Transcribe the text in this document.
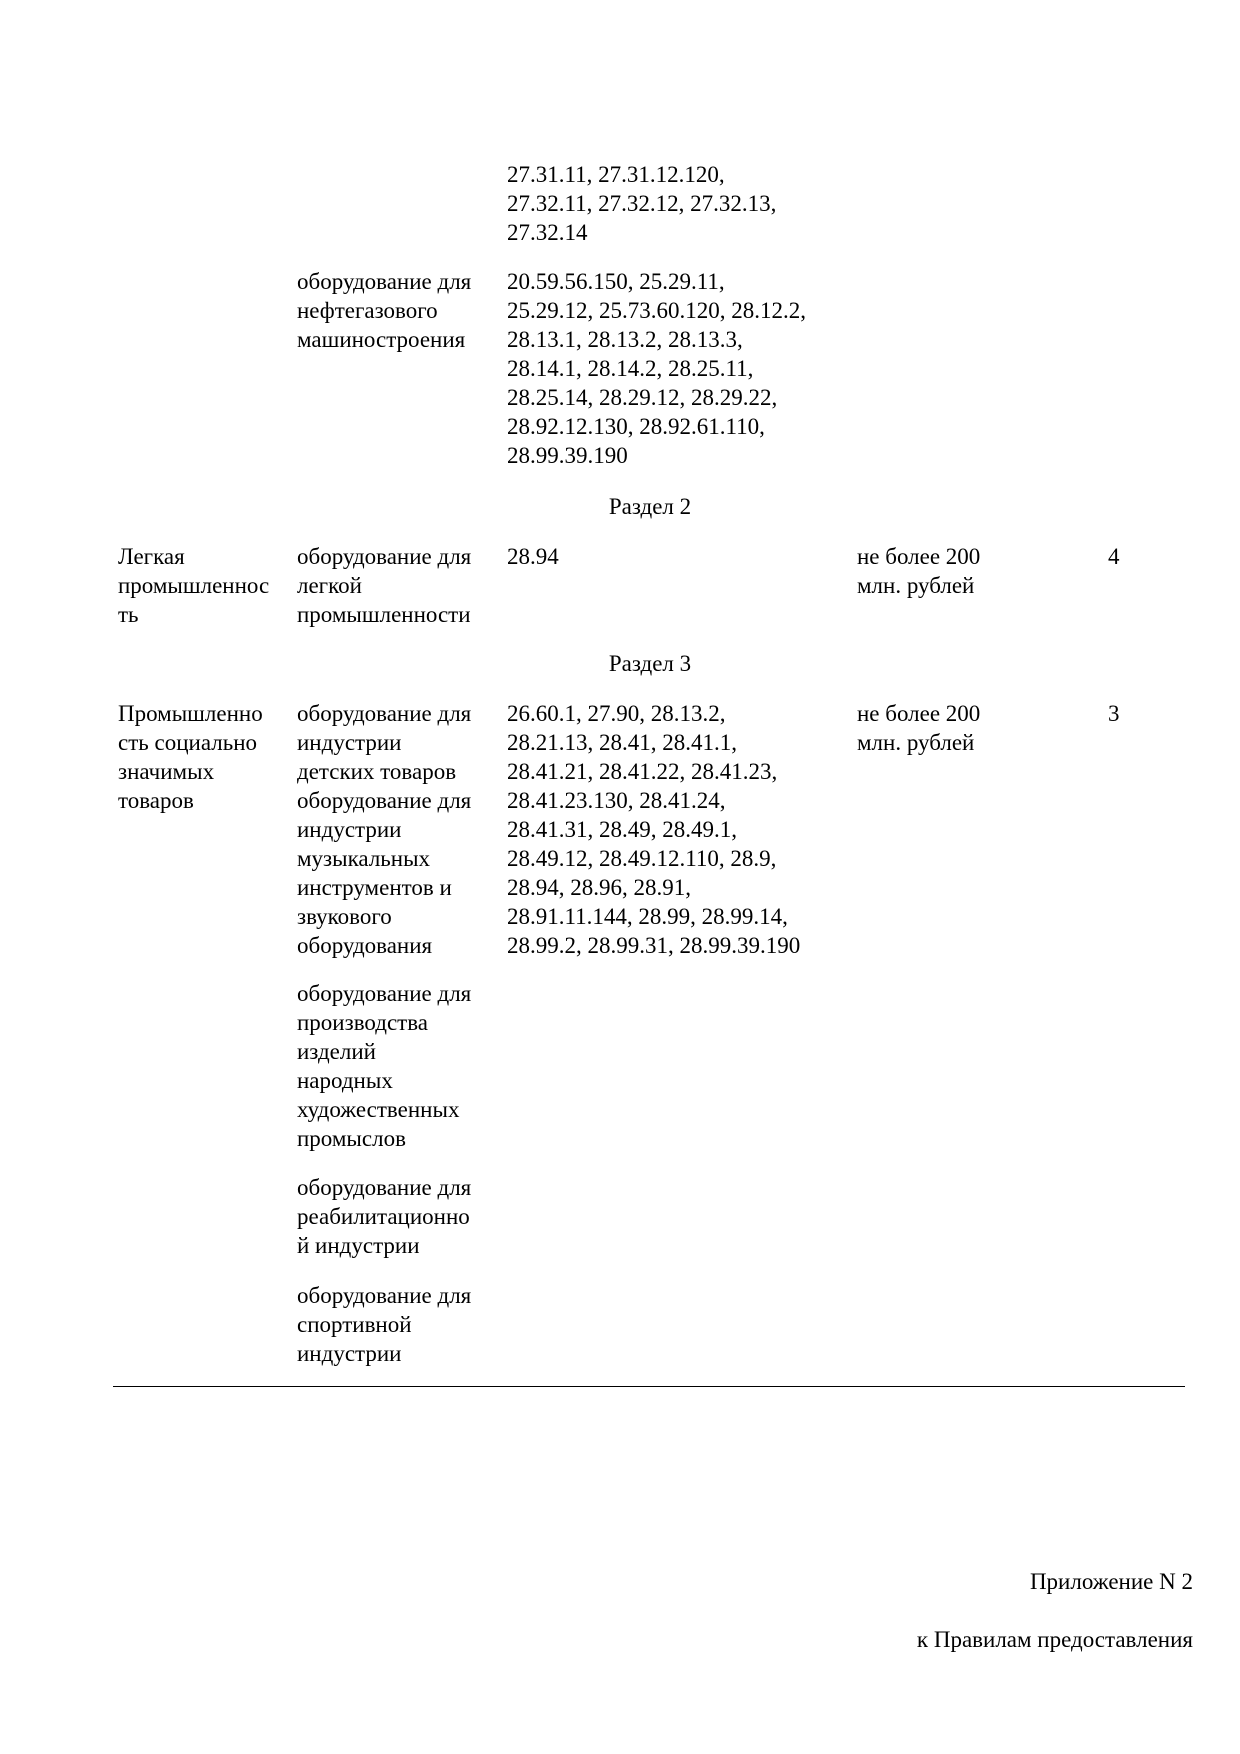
27.31.11, 27.31.12.120,
27.32.11, 27.32.12, 27.32.13,
27.32.14
оборудование для
нефтегазового
машиностроения
20.59.56.150, 25.29.11,
25.29.12, 25.73.60.120, 28.12.2,
28.13.1, 28.13.2, 28.13.3,
28.14.1, 28.14.2, 28.25.11,
28.25.14, 28.29.12, 28.29.22,
28.92.12.130, 28.92.61.110,
28.99.39.190
Раздел 2
Легкая
промышленнос
ть
оборудование для
легкой
промышленности
28.94	не более 200
млн. рублей
4
Раздел 3
Промышленно
сть социально
значимых
товаров
оборудование для
индустрии
детских товаров
оборудование для
индустрии
музыкальных
инструментов и
звукового
оборудования
26.60.1, 27.90, 28.13.2,
28.21.13, 28.41, 28.41.1,
28.41.21, 28.41.22, 28.41.23,
28.41.23.130, 28.41.24,
28.41.31, 28.49, 28.49.1,
28.49.12, 28.49.12.110, 28.9,
28.94, 28.96, 28.91,
28.91.11.144, 28.99, 28.99.14,
28.99.2, 28.99.31, 28.99.39.190
не более 200
млн. рублей
3
оборудование для
производства
изделий
народных
художественных
промыслов
оборудование для
реабилитационно
й индустрии
оборудование для
спортивной
индустрии

Приложение N 2

к Правилам предоставления
